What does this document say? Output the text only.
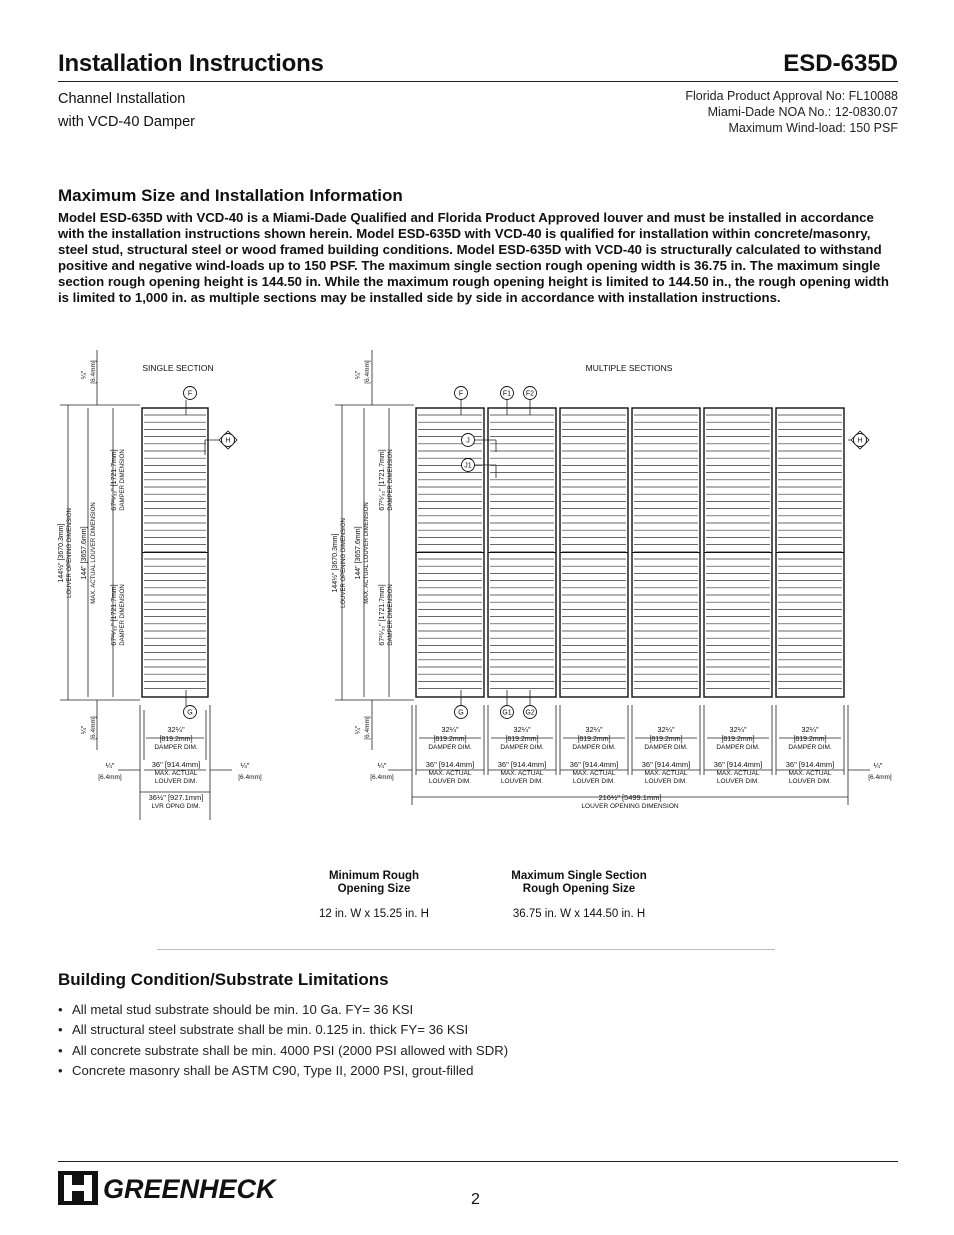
Installation Instructions	ESD-635D
Channel Installation
with VCD-40 Damper
Florida Product Approval No: FL10088
Miami-Dade NOA No.: 12-0830.07
Maximum Wind-load: 150 PSF
Maximum Size and Installation Information
Model ESD-635D with VCD-40 is a Miami-Dade Qualified and Florida Product Approved louver and must be installed in accordance with the installation instructions shown herein. Model ESD-635D with VCD-40 is qualified for installation within concrete/masonry, steel stud, structural steel or wood framed building conditions. Model ESD-635D with VCD-40 is structurally calculated to withstand positive and negative wind-loads up to 150 PSF. The maximum single section rough opening width is 36.75 in. The maximum single section rough opening height is 144.50 in. While the maximum rough opening height is limited to 144.50 in., the rough opening width is limited to 1,000 in. as multiple sections may be installed side by side in accordance with installation instructions.
144½" [3670.3mm] LOUVER OPENING DIMENSION 144" [3657.6mm] MAX. ACTUAL LOUVER DIMENSION
67²⁵⁄₃₂" [1721.7mm] DAMPER DIMENSION
67²⁵⁄₃₂" [1721.7mm] DAMPER DIMENSION
¼" [6.4mm]
¼" [6.4mm]
SINGLE SECTION
32¼"
[819.2mm]
DAMPER DIM.
36" [914.4mm]
MAX. ACTUAL
LOUVER DIM.
36½" [927.1mm]
LVR OPNG DIM.
¼"
[6.4mm]
¼"
[6.4mm]
144½" [3670.3mm] LOUVER OPENING DIMENSION 144" [3657.6mm] MAX. ACTUAL LOUVER DIMENSION
67²⁵⁄₃₂" [1721.7mm] DAMPER DIMENSION
67²⁵⁄₃₂" [1721.7mm] DAMPER DIMENSION
¼" [6.4mm]
¼" [6.4mm]
MULTIPLE SECTIONS
32¼"
[819.2mm]
DAMPER DIM.
36" [914.4mm]
MAX. ACTUAL
LOUVER DIM.
32¼"
[819.2mm]
DAMPER DIM.
36" [914.4mm]
MAX. ACTUAL
LOUVER DIM.
32¼"
[819.2mm]
DAMPER DIM.
36" [914.4mm]
MAX. ACTUAL
LOUVER DIM.
32¼"
[819.2mm]
DAMPER DIM.
36" [914.4mm]
MAX. ACTUAL
LOUVER DIM.
32¼"
[819.2mm]
DAMPER DIM.
36" [914.4mm]
MAX. ACTUAL
LOUVER DIM.
32¼"
[819.2mm]
DAMPER DIM.
36" [914.4mm]
MAX. ACTUAL
LOUVER DIM.
216½" [5499.1mm]
LOUVER OPENING DIMENSION
¼"
[6.4mm]
¼"
[6.4mm]
F
H
G
F	F1 F2
H
J
J1
G	G1 G2
Minimum Rough
Opening Size
12 in. W x 15.25 in. H
Maximum Single Section
Rough Opening Size
36.75 in. W x 144.50 in. H
Building Condition/Substrate Limitations
• All metal stud substrate should be min. 10 Ga. FY= 36 KSI
• All structural steel substrate shall be min. 0.125 in. thick FY= 36 KSI
• All concrete substrate shall be min. 4000 PSI (2000 PSI allowed with SDR)
• Concrete masonry shall be ASTM C90, Type II, 2000 PSI, grout-filled
GREENHECK	2
